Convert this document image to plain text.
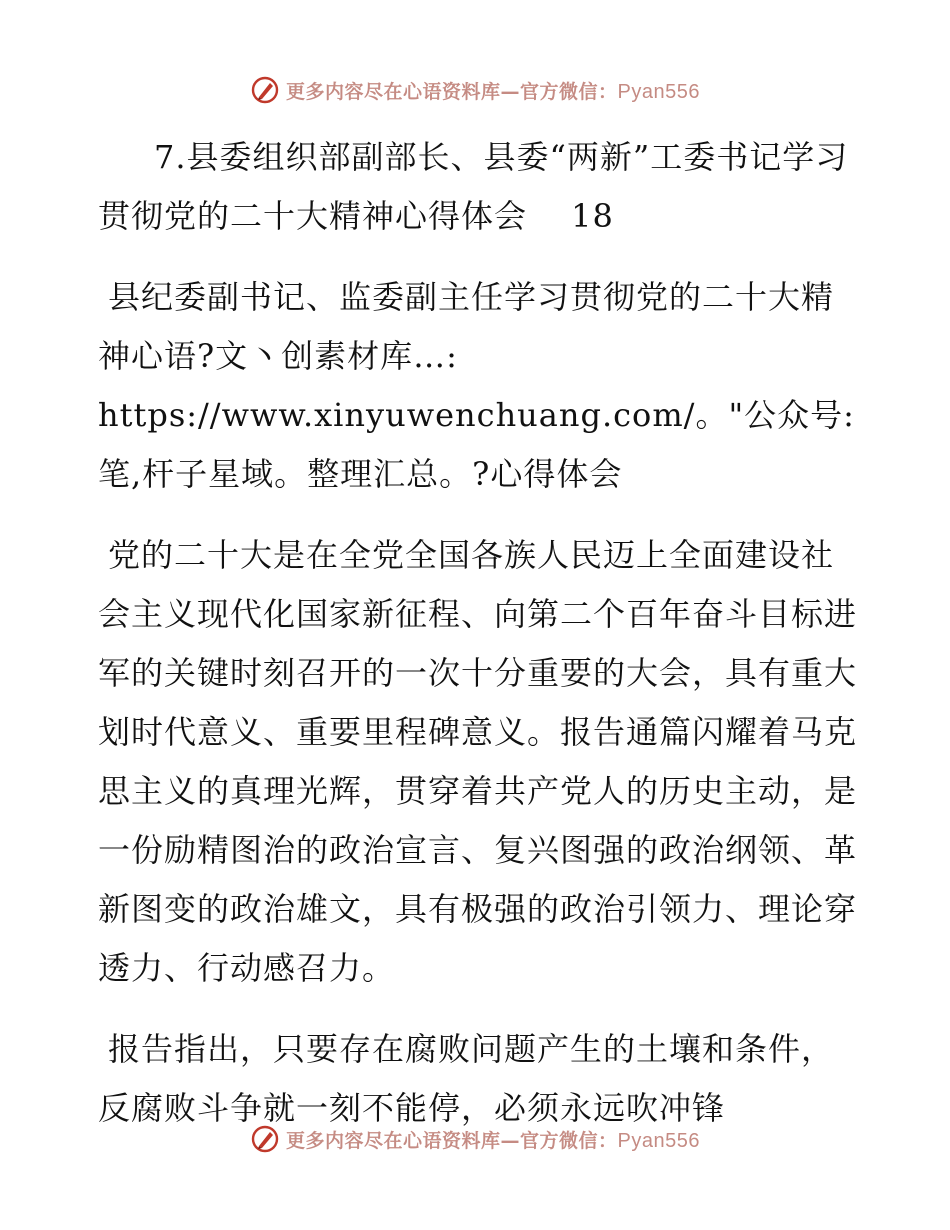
更多内容尽在心语资料库—官方微信：Pyan556

7.县委组织部副部长、县委“两新”工委书记学习贯彻党的二十大精神心得体会　 18

县纪委副书记、监委副主任学习贯彻党的二十大精神心语?文丶创素材库…: https://www.xinyuwenchuang.com/。"公众号: 笔,杆子星域。整理汇总。?心得体会

党的二十大是在全党全国各族人民迈上全面建设社会主义现代化国家新征程、向第二个百年奋斗目标进军的关键时刻召开的一次十分重要的大会，具有重大划时代意义、重要里程碑意义。报告通篇闪耀着马克思主义的真理光辉，贯穿着共产党人的历史主动，是一份励精图治的政治宣言、复兴图强的政治纲领、革新图变的政治雄文，具有极强的政治引领力、理论穿透力、行动感召力。

报告指出，只要存在腐败问题产生的土壤和条件，反腐败斗争就一刻不能停，必须永远吹冲锋

更多内容尽在心语资料库—官方微信：Pyan556
